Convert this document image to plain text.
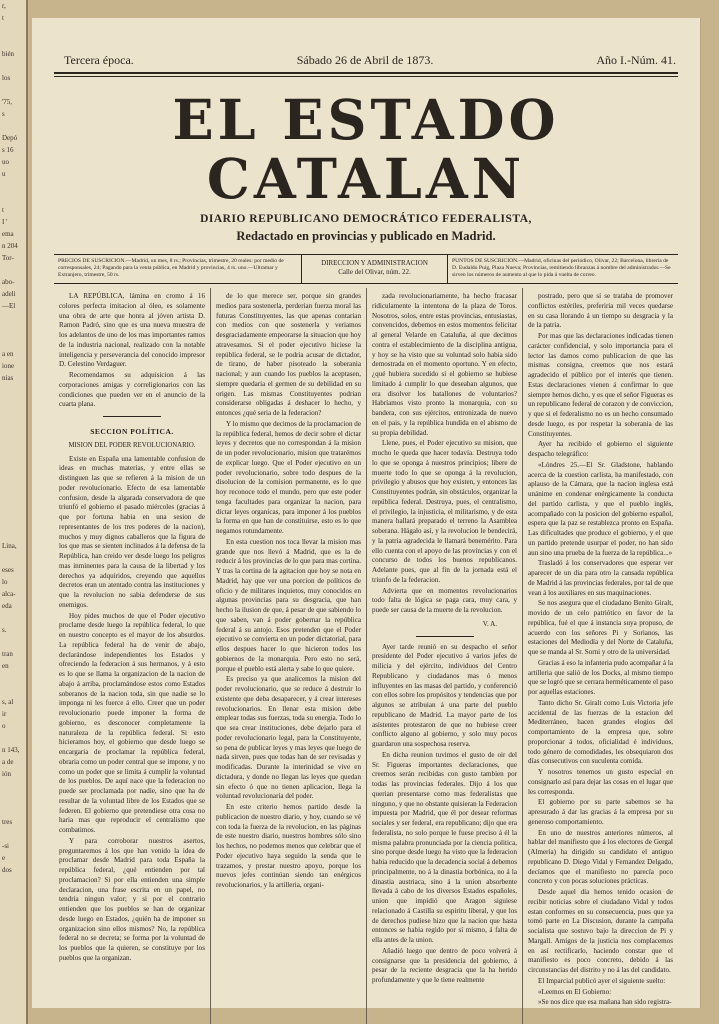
r,
t

bién

los

'75,
s

Depó
s 16
uo
u

t
I '
ema
n 204
Tor-

abo-
adeli
—El

a en
ione
nias

Lina,

eses
lo
alca-
eda

s.

tran
en

s, al
ir
o

n 143,
a de
ión

tres

-si
e
dos

Tercera época.	Sábado 26 de Abril de 1873.	Año I.-Núm. 41.
EL ESTADO CATALAN
DIARIO REPUBLICANO DEMOCRÁTICO FEDERALISTA,
Redactado en provincias y publicado en Madrid.
PRECIOS DE SUSCRICION.—Madrid, un mes, 8 rs.; Provincias, trimestre, 20 reales: por medio de corresponsales, 24; Pagando para la venta pública, en Madrid y provincias, 4 rs. uno.—Ultramar y Extranjero, trimestre, 50 rs.
DIRECCION Y ADMINISTRACION
Calle del Olivar, núm. 22.
PUNTOS DE SUSCRICION.—Madrid, oficinas del periódico, Olivar, 22; Barcelona, librería de D. Eudaldo Puig, Plaza Nueva; Provincias, remitiendo libranzas á nombre del administrador.—Se sirven los números de aumento al que lo pida á vuelta de correo.

LA REPÚBLICA, lámina en cromo á 16 colores perfecta imitacion al óleo, es solamente una obra de arte que honra al jóven artista D. Ramon Padró, sino que es una nueva muestra de los adelantos de uno de los mas importantes ramos de la industria nacional, realizado con la notable inteligencia y perseverancia del conocido impresor D. Celestino Verdaguer.

Recomendamos su adquisicion á las corporaciones amigas y correligionarios con las condiciones que pueden ver en el anuncio de la cuarta plana.

SECCION POLÍTICA.
MISION DEL PODER REVOLUCIONARIO.

Existe en España una lamentable confusion de ideas en muchas materias, y entre ellas se distinguen las que se refieren á la mision de un poder revolucionario. Efecto de esa lamentable confusion, desde la algarada conservadora de que triunfó el gobierno el pasado miércoles (gracias á que por fortuna habia en una sesion de representantes de los tres poderes de la nacion), muchos y muy dignos caballeros que la figura de los que mas se sienten inclinados á la defensa de la República, han creido ver desde luego los peligros mas inminentes para la causa de la libertad y los derechos ya adquiridos, creyendo que aquellos decretos eran un atentado contra las instituciones y que la revolucion no sabia defenderse de sus enemigos.

Hoy pides muchos de que el Poder ejecutivo proclame desde luego la república federal, lo que en nuestro concepto es el mayor de los absurdos. La república federal ha de venir de abajo, declarándose independientes los Estados y ofreciendo la federacion á sus hermanos, y á esto es lo que se llama la organizacion de la nacion de abajo á arriba, proclamándose estos como Estados soberanos de la nacion toda, sin que nadie se lo imponga ni les fuerce á ello. Creer que un poder revolucionario puede imponer la forma de gobierno, es desconocer completamente la naturaleza de la república federal. Si esto hicieramos hoy, el gobierno que desde luego se encargaria de proclamar la república federal, obraria como un poder central que se impone, y no como un poder que se limita á cumplir la voluntad de los pueblos. De aquí nace que la federacion no puede ser proclamada por nadie, sino que ha de resultar de la voluntad libre de los Estados que se federen. El gobierno que pretendiese otra cosa no haria mas que reproducir el centralismo que combatimos.

Y para corroborar nuestros asertos, preguntaremos á los que han venido la idea de proclamar desde Madrid para toda España la república federal, ¿qué entienden por tal proclamacion? Si por ella entienden una simple declaracion, una frase escrita en un papel, no tendria ningun valor; y si por el contrario entienden que los pueblos se han de organizar desde luego en Estados, ¿quién ha de imponer su organizacion sino ellos mismos? No, la república federal no se decreta; se forma por la voluntad de los pueblos que la quieren, se constituye por los pueblos que la organizan.

de lo que merece ser, porque sin grandes medios para sostenerla, perderian fuerza moral las futuras Constituyentes, las que apenas contarian con medios con que sostenerla y veriamos desgraciadamente empeorarse la situacion que hoy atravesamos. Si el poder ejecutivo hiciese la república federal, se le podria acusar de dictador, de tirano, de haber pisoteado la soberania nacional; y aun cuando los pueblos la aceptasen, siempre quedaria el germen de su debilidad en su origen. Las mismas Constituyentes podrian considerarse obligadas á deshacer lo hecho, y entonces ¿qué seria de la federacion?

Y lo mismo que decimos de la proclamacion de la república federal, hemos de decir sobre el dictar leyes y decretos que no correspondan á la mision de un poder revolucionario, mision que tratarémos de explicar luego. Que el Poder ejecutivo en un poder revolucionario, sobre todo despues de la disolucion de la comision permanente, es lo que hoy reconoce todo el mundo, pero que este poder tenga facultades para organizar la nacion, para dictar leyes organicas, para imponer á los pueblos la forma en que han de constituirse, esto es lo que negamos rotundamente.

En esta cuestion nos toca llevar la mision mas grande que nos llevó á Madrid, que es la de reducir á los provincias de lo que para mas cortina. Y tras la cortina de la agitacion que hoy se nota en Madrid, hay que ver una porcion de políticos de oficio y de militares inquietos, muy conocidos en algunas provincias para su desgracia, que han hecho la ilusion de que, á pesar de que sabiendo lo que saben, van á poder gobernar la república federal á su antojo. Esos pretenden que el Poder ejecutivo se convierta en un poder dictatorial, para ellos despues hacer lo que hicieron todos los gobiernos de la monarquia. Pero esto no será, porque el pueblo está alerta y sabe lo que quiere.

Es preciso ya que analicemos la mision del poder revolucionario, que se reduce á destruir lo existente que deba desaparecer, y á crear intereses revolucionarios. En llenar esta mision debe emplear todas sus fuerzas, toda su energia. Todo lo que sea crear instituciones, debe dejarlo para el poder revolucionario legal, para la Constituyente, so pena de publicar leyes y mas leyes que luego de nada sirven, pues que todas han de ser revisadas y modificadas. Durante la interinidad se vive en dictadura, y donde no llegan las leyes que quedan sin efecto ó que no tienen aplicacion, llega la voluntad revolucionaria del poder.

En este criterio hemos partido desde la publicacion de nuestro diario, y hoy, cuando se vé con toda la fuerza de la revolucion, en las páginas de este nuestro diario, nuestros hombres sólo sino los hechos, no podemos menos que celebrar que el Poder ejecutivo haya seguido la senda que le trazamos, y prestar nuestro apoyo, porque los nuevos jefes continúan siendo tan enérgicos revolucionarios, y la artilleria, organi-

zada revolucionariamente, ha hecho fracasar ridiculamente la intentona de la plaza de Toros. Nosotros, solos, entre estas provincias, entusiastas, convencidos, debemos en estos momentos felicitar al general Velarde en Cataluña, al que decimos contra el establecimiento de la disciplina antigua, y hoy se ha visto que su voluntad solo habia sido demostrada en el momento oportuno. Y en efecto, ¿qué hubiera sucedido si el gobierno se hubiese limitado á cumplir lo que deseaban algunos, que era disolver los batallones de voluntarios? Habríamos visto pronto la monarquía, con su bandera, con sus ejércitos, entronizada de nuevo en el pais, y la república hundida en el abismo de su propia debilidad.

Llene, pues, el Poder ejecutivo su mision, que mucho le queda que hacer todavía. Destruya todo lo que se oponga á nuestros principios; libere de muerte todo lo que se oponga á la revolucion, privilegio y abusos que hoy existen, y entonces las Constituyentes podrán, sin obstáculos, organizar la república federal. Destruya, pues, el centralismo, el privilegio, la injusticia, el militarismo, y de esta manera hallará preparado el terreno la Asamblea soberana. Hágalo así, y la revolucion le bendecirá, y la patria agradecida le llamará benemérito. Para ello cuenta con el apoyo de las provincias y con el concurso de todos los buenos republicanos. Adelante pues, que al fin de la jornada está el triunfo de la federacion.

Advierta que en momentos revolucionarios todo falta de lógica se paga cara, muy cara, y puede ser causa de la muerte de la revolucion.

V. A.

Ayer tarde reunió en su despacho el señor presidente del Poder ejecutivo á varios jefes de milicia y del ejército, individuos del Centro Republicano y ciudadanos mas ó menos influyentes en las masas del partido, y conferenció con ellos sobre los propósitos y tendencias que por algunos se atribuian á una parte del pueblo republicano de Madrid. La mayor parte de los asistentes protestaron de que no hubiese creer conflicto alguno al gobierno, y solo muy pocos guardaron una sospechosa reserva.

En dicha reunion tuvimos el gusto de oir del Sr. Figueras importantes declaraciones, que creemos serán recibidas con gusto tambien por todas las provincias federales. Dijo á los que querian presentarse como mas federalistas que ninguno, y que no obstante quisieran la Federacion impuesta por Madrid, que él por desear reformas sociales y ser federal, era republicano; dijo que era federalista, no solo porque le fuese preciso á él la misma palabra pronunciada por la ciencia politica, sino porque desde luego ha visto que la federacion habia reducido que la decadencia social á debemos principalmente, no á la dinastia borbónica, no á la dinastia austriaca, sino á la union absorbente llevada á cabo de los diversos Estados españoles, union que impidió que Aragon siguiese relacionado á Castilla su espiritu liberal, y que los de derechos pudiese hizo que la nacion que hasta entonces se habia regido por sí mismo, á falta de ella antes de la union.

Añadió luego que dentro de poco volverá á consignarse que la presidencia del gobierno, á pesar de la reciente desgracia que la ha herido profundamente y que le tiene realmente

postrado, pero que sí se trataba de promover conflictos estériles, preferiria mil veces quedarse en su casa llorando á un tiempo su desgracia y la de la patria.

Por mas que las declaraciones indicadas tienen carácter confidencial, y solo importancia para el lector las damos como publicacion de que las mismas consigna, creemos que nos estará agradecido el público por el interés que tienen. Estas declaraciones vienen á confirmar lo que siempre hemos dicho, y es que el señor Figueras es un republicano federal de corazon y de conviccion, y que si el federalismo no es un hecho consumado desde luego, es por respetar la soberania de las Constituyentes.

Ayer ha recibido el gobierno el siguiente despacho telegráfico:

«Lóndres 25.—El Sr. Gladstone, hablando acerca de la cuestion carlista, ha manifestado, con aplauso de la Cámara, que la nacion inglesa está unánime en condenar enérgicamente la conducta del partido carlista, y que el pueblo inglés, acompañado con la posicion del gobierno español, espera que la paz se restablezca pronto en España. Las dificultades que produce el gobierno, y el que un partido pretende usurpar el poder, no han sido aun sino una prueba de la fuerza de la república...»

Trasladó á los conservadores que esperar ver aparecer de un dia para otro la cansada república de Madrid á las provincias federales, por tal de que vean á los auxiliares en sus maquinaciones.

Se nos asegura que el ciudadano Benito Giralt, movido de un celo patriótico en favor de la república, fué el que á instancia suya propuso, de acuerdo con los señores Pi y Sorianos, las estaciones del Mediodía y del Norte de Cataluña, que se manda al Sr. Sorni y otro de la universidad.

Gracias á eso la infanteria pudo acompañar á la artilleria que salió de los Docks, al mismo tiempo que se logró que se cerrara herméticamente el paso por aquellas estaciones.

Tanto dicho Sr. Giralt como Luis Victoria jefe accidental de las fuerzas de la estacion del Mediterráneo, hacen grandes elogios del comportamiento de la empresa que, sobre proporcionar á todos, oficialidad é individuos, todo género de comodidades, les obsequiaron dos días consecutivos con suculenta comida.

Y nosotros tenemos un gusto especial en consignarlo así para dejar las cosas en el lugar que les corresponda.

El gobierno por su parte sabemos se ha apresurado á dar las gracias á la empresa por su generoso comportamiento.

En uno de nuestros anteriores números, al hablar del manifiesto que á los electores de Gergal (Almería) ha dirigido su candidato el antiguo republicano D. Diego Vidal y Fernandez Delgado, decíamos que el manifiesto no parecía poco concreto y con pocas soluciones prácticas.

Desde aquel día hemos tenido ocasion de recibir noticias sobre el ciudadano Vidal y todos estan conformes en su consecuencia, pues que ya tomó parte en La Discusion, durante la campaña socialista que sostuvo bajo la direccion de Pi y Margall. Amigos de la justicia nos complacemos en así rectificarlo, haciendo constar que el manifiesto es poco concreto, debido á las circunstancias del distrito y no á las del candidato.

El Imparcial publicó ayer el siguiente suelto:

«Leemos en El Gobierno:

»Se nos dice que esa mañana han sido registra-
